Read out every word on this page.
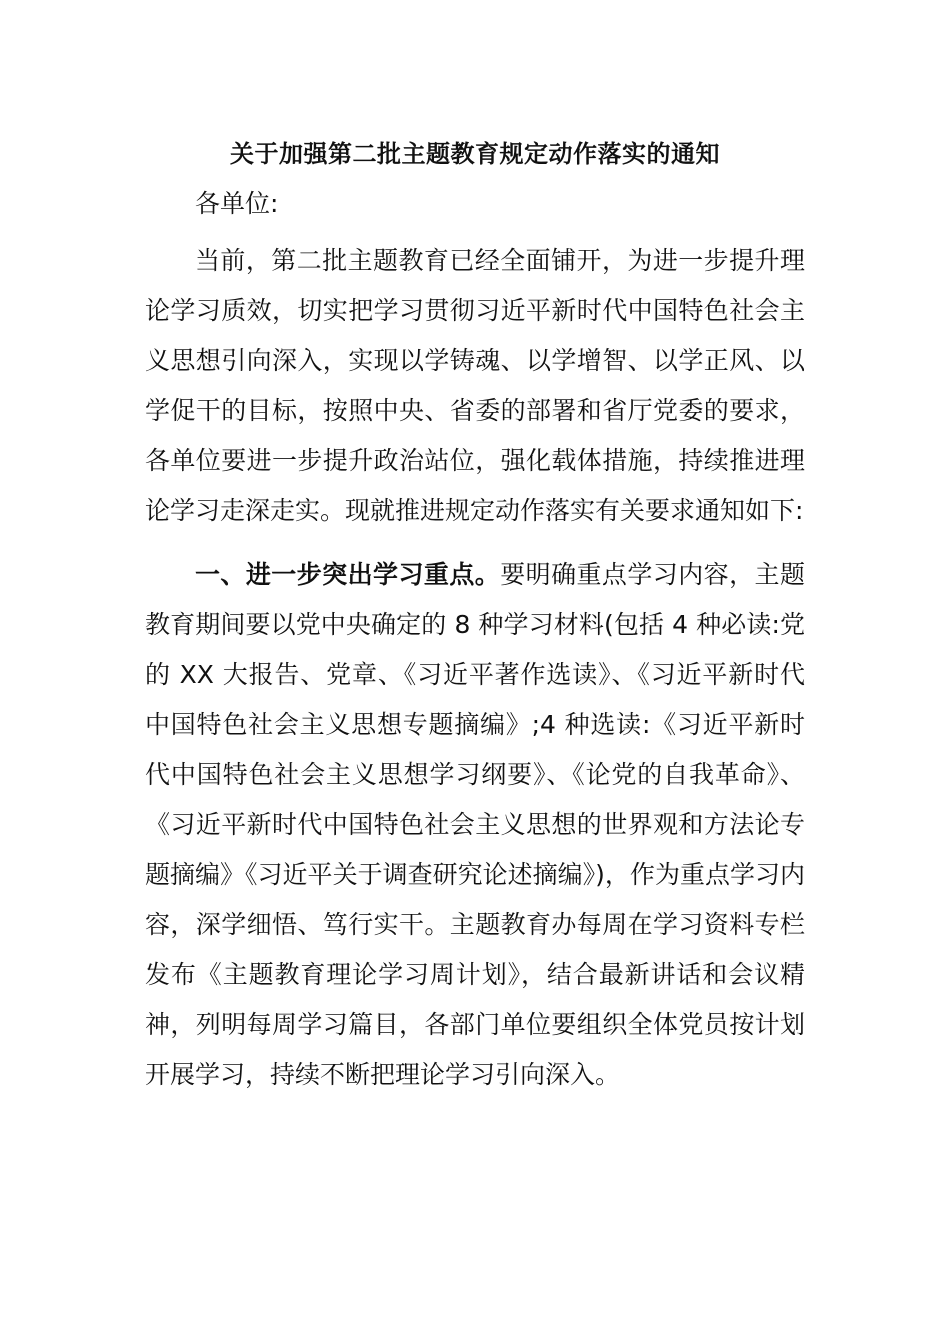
关于加强第二批主题教育规定动作落实的通知

各单位:

当前，第二批主题教育已经全面铺开，为进一步提升理论学习质效，切实把学习贯彻习近平新时代中国特色社会主义思想引向深入，实现以学铸魂、以学增智、以学正风、以学促干的目标，按照中央、省委的部署和省厅党委的要求，各单位要进一步提升政治站位，强化载体措施，持续推进理论学习走深走实。现就推进规定动作落实有关要求通知如下:

一、进一步突出学习重点。要明确重点学习内容，主题教育期间要以党中央确定的 8 种学习材料(包括 4 种必读:党的 XX 大报告、党章、《习近平著作选读》、《习近平新时代中国特色社会主义思想专题摘编》;4 种选读:《习近平新时代中国特色社会主义思想学习纲要》、《论党的自我革命》、《习近平新时代中国特色社会主义思想的世界观和方法论专题摘编》《习近平关于调查研究论述摘编》)，作为重点学习内容，深学细悟、笃行实干。主题教育办每周在学习资料专栏发布《主题教育理论学习周计划》，结合最新讲话和会议精神，列明每周学习篇目，各部门单位要组织全体党员按计划开展学习，持续不断把理论学习引向深入。
